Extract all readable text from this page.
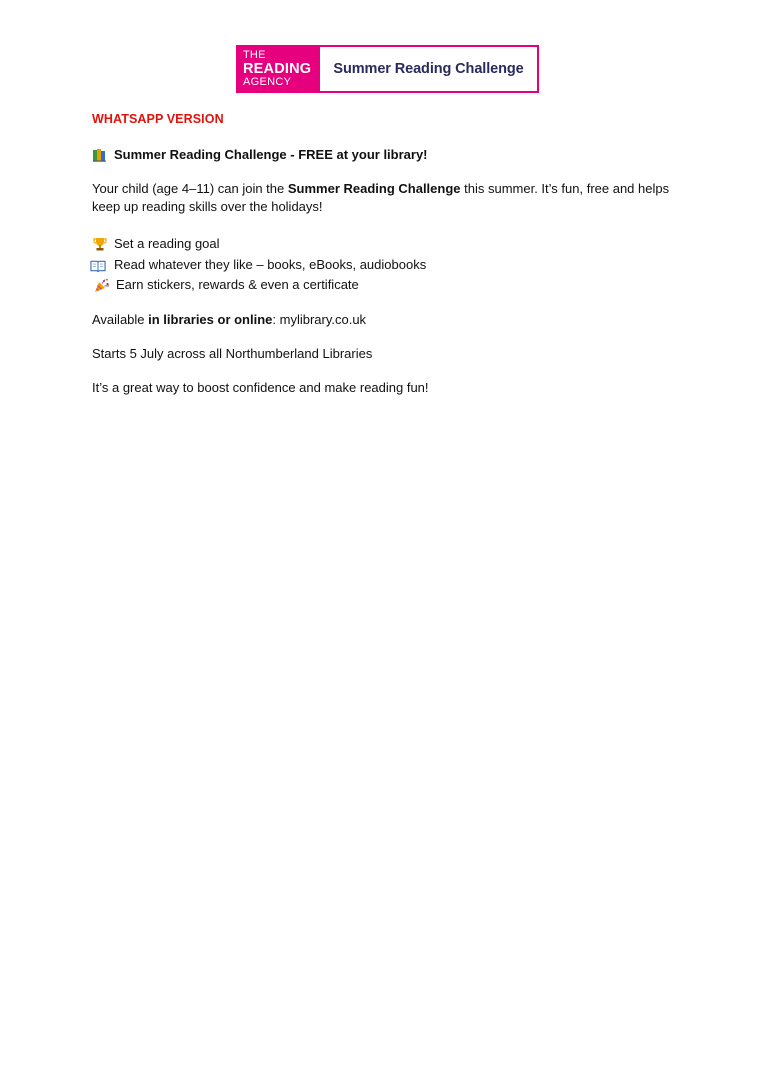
THE
READING
AGENCY
Summer Reading Challenge
WHATSAPP VERSION
Summer Reading Challenge - FREE at your library!
Your child (age 4–11) can join the Summer Reading Challenge this summer. It’s fun, free and helps keep up reading skills over the holidays!
Set a reading goal
Read whatever they like – books, eBooks, audiobooks
Earn stickers, rewards & even a certificate
Available in libraries or online: mylibrary.co.uk
Starts 5 July across all Northumberland Libraries
It’s a great way to boost confidence and make reading fun!
